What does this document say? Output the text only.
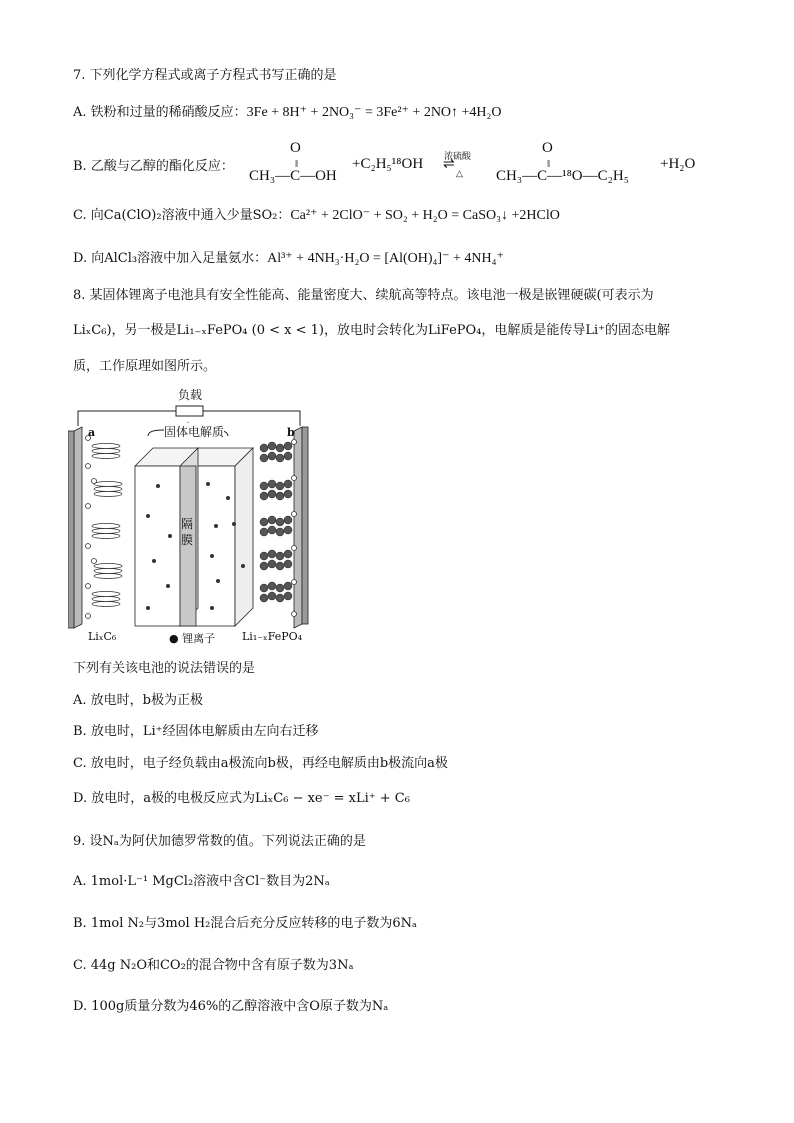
7. 下列化学方程式或离子方程式书写正确的是
A. 铁粉和过量的稀硝酸反应：3Fe + 8H⁺ + 2NO₃⁻ = 3Fe²⁺ + 2NO↑ +4H₂O
B. 乙酸与乙醇的酯化反应：
O
‖
CH₃—C—OH
+C₂H₅¹⁸OH 浓硫酸
⇌
△
O
‖
CH₃—C—¹⁸O—C₂H₅
+H₂O
C. 向Ca(ClO)₂溶液中通入少量SO₂：Ca²⁺ + 2ClO⁻ + SO₂ + H₂O = CaSO₃↓ +2HClO
D. 向AlCl₃溶液中加入足量氨水：Al³⁺ + 4NH₃·H₂O = [Al(OH)₄]⁻ + 4NH₄⁺
8. 某固体锂离子电池具有安全性能高、能量密度大、续航高等特点。该电池一极是嵌锂硬碳(可表示为
LiₓC₆)，另一极是Li₁₋ₓFePO₄ (0 < x < 1)，放电时会转化为LiFePO₄，电解质是能传导Li⁺的固态电解
质，工作原理如图所示。
负载
固体电解质
a	b
隔膜
LiₓC₆	● 锂离子 Li₁₋ₓFePO₄
下列有关该电池的说法错误的是
A. 放电时，b极为正极
B. 放电时，Li⁺经固体电解质由左向右迁移
C. 放电时，电子经负载由a极流向b极，再经电解质由b极流向a极
D. 放电时，a极的电极反应式为LiₓC₆ − xe⁻ = xLi⁺ + C₆
9. 设Nₐ为阿伏加德罗常数的值。下列说法正确的是
A. 1mol·L⁻¹ MgCl₂溶液中含Cl⁻数目为2Nₐ
B. 1mol N₂与3mol H₂混合后充分反应转移的电子数为6Nₐ
C. 44g N₂O和CO₂的混合物中含有原子数为3Nₐ
D. 100g质量分数为46%的乙醇溶液中含O原子数为Nₐ
